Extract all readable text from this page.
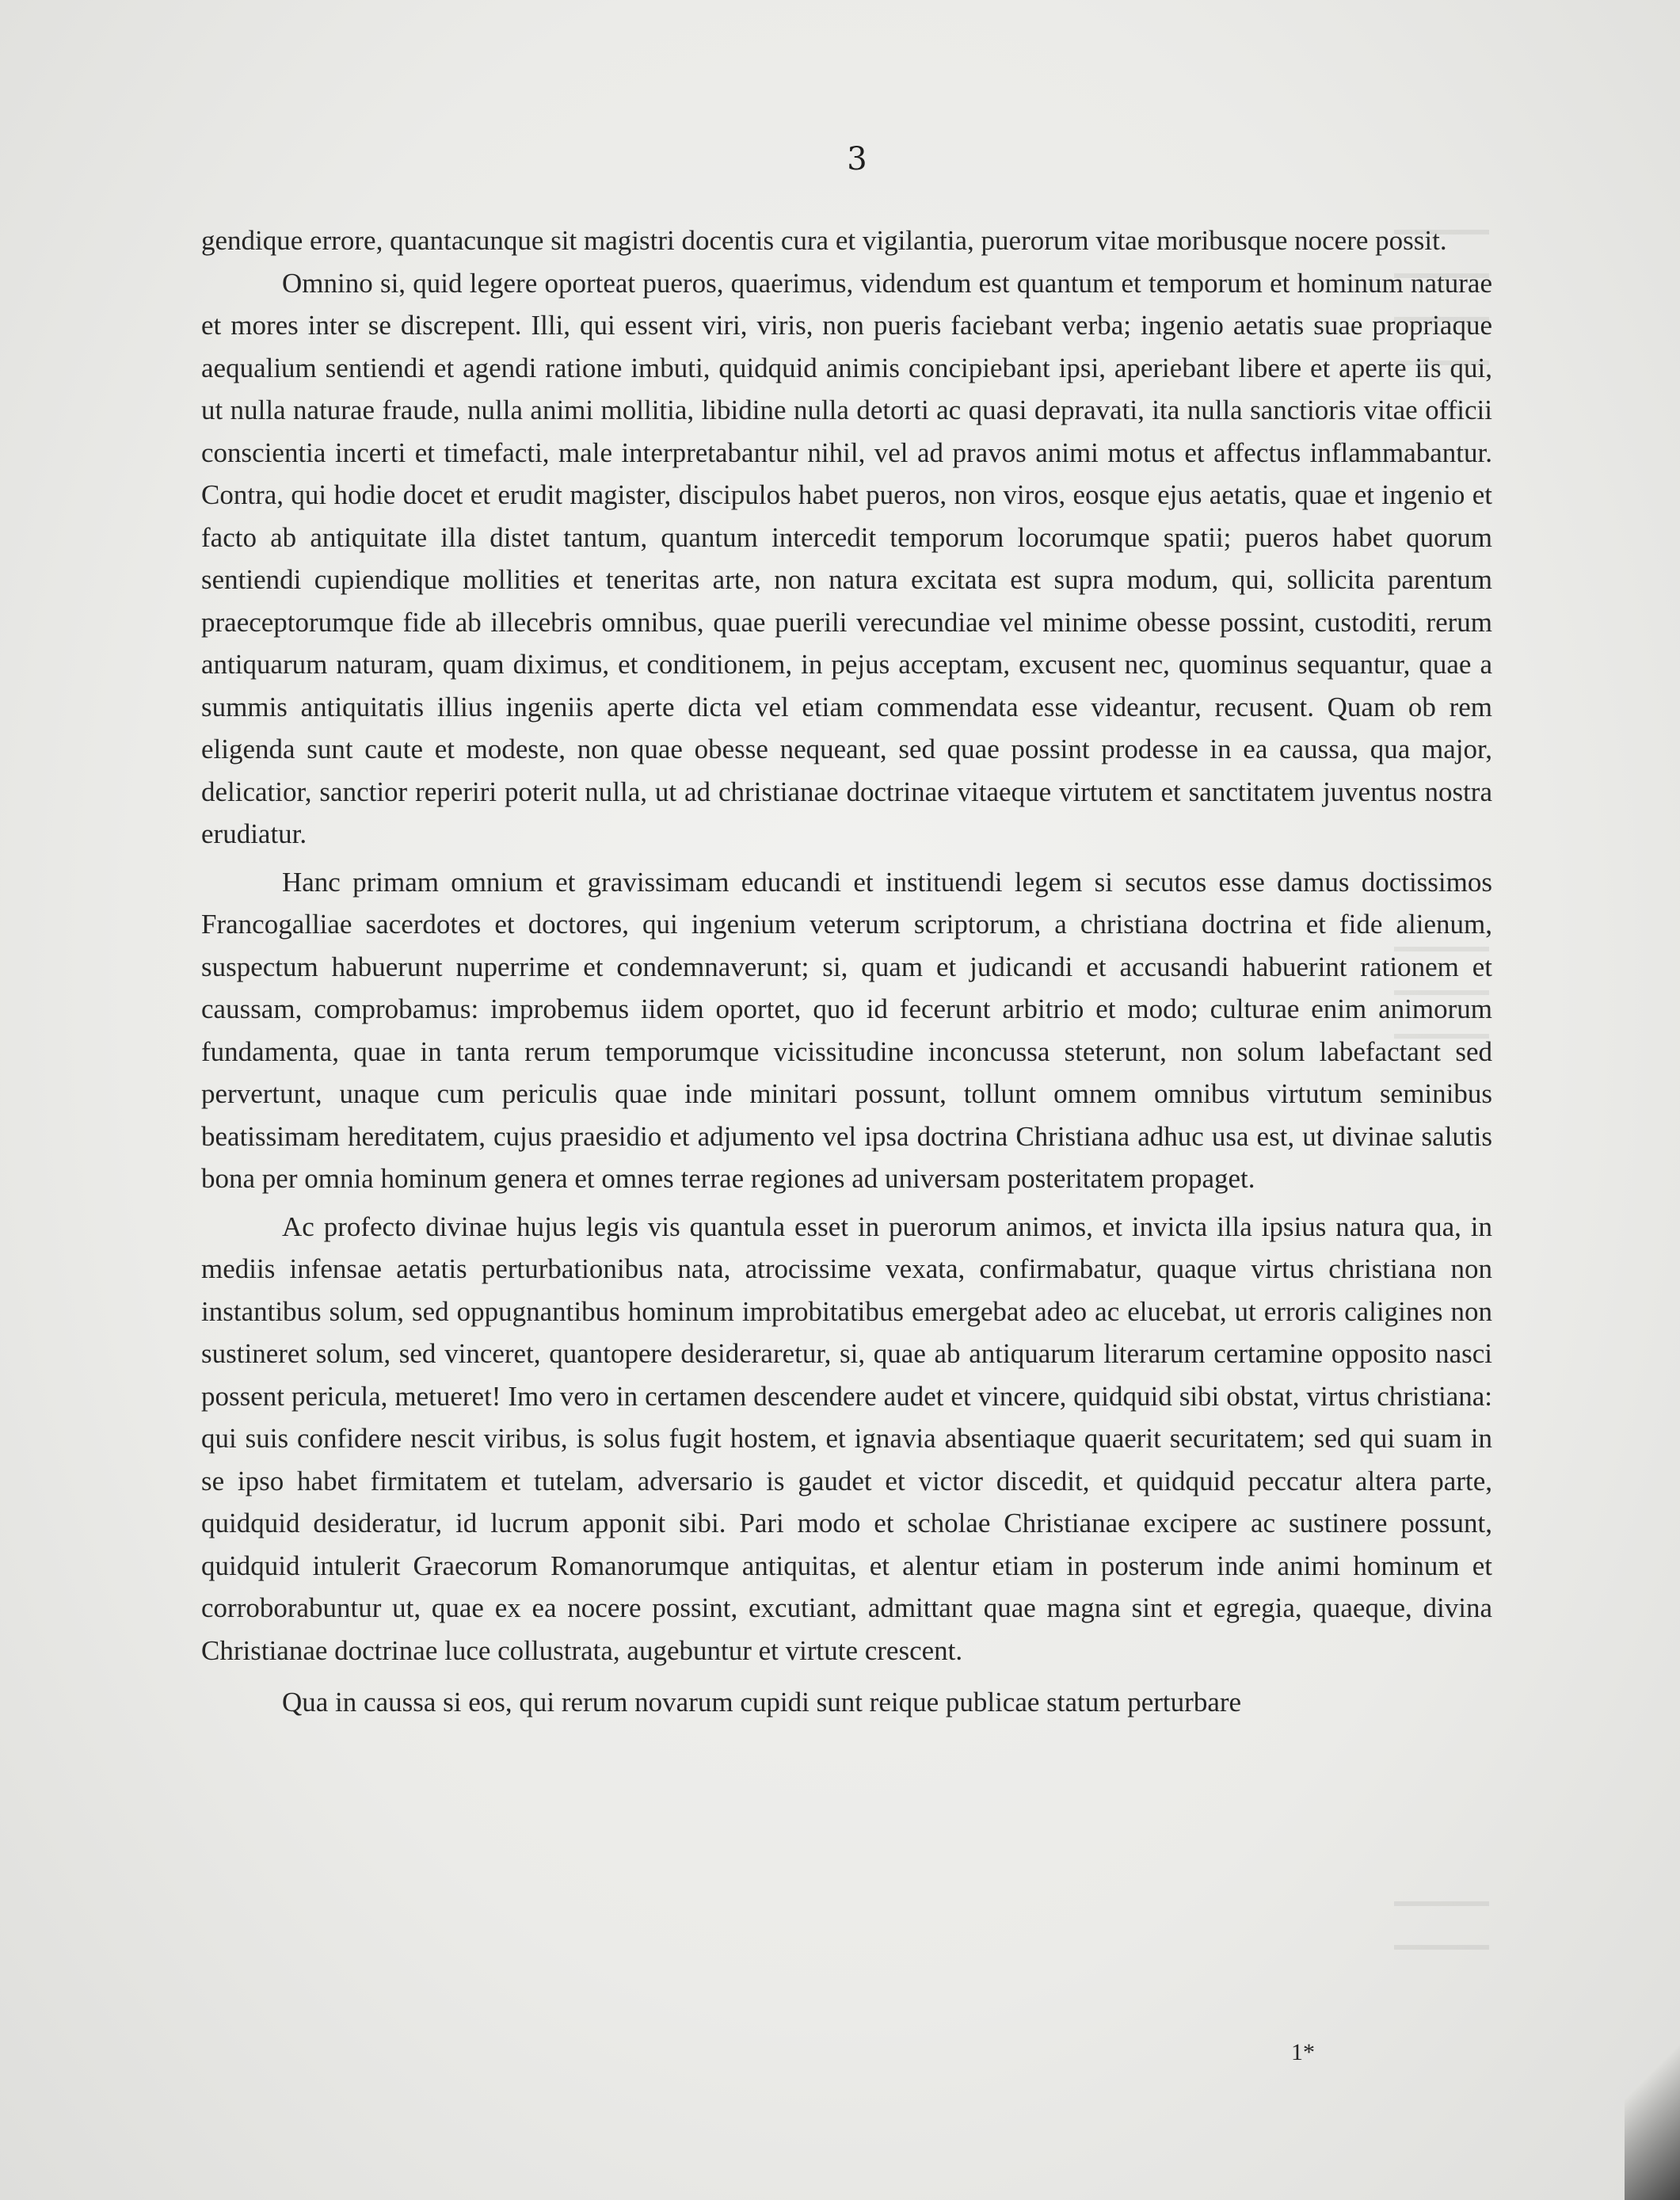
3

gendique errore, quantacunque sit magistri docentis cura et vigilantia, puerorum vitae moribusque nocere possit.

Omnino si, quid legere oporteat pueros, quaerimus, videndum est quantum et temporum et hominum naturae et mores inter se discrepent. Illi, qui essent viri, viris, non pueris faciebant verba; ingenio aetatis suae propriaque aequalium sentiendi et agendi ratione imbuti, quidquid animis concipiebant ipsi, aperiebant libere et aperte iis qui, ut nulla naturae fraude, nulla animi mollitia, libidine nulla detorti ac quasi depravati, ita nulla sanctioris vitae officii conscientia incerti et timefacti, male interpretabantur nihil, vel ad pravos animi motus et affectus inflammabantur. Contra, qui hodie docet et erudit magister, discipulos habet pueros, non viros, eosque ejus aetatis, quae et ingenio et facto ab antiquitate illa distet tantum, quantum intercedit temporum locorumque spatii; pueros habet quorum sentiendi cupiendique mollities et teneritas arte, non natura excitata est supra modum, qui, sollicita parentum praeceptorumque fide ab illecebris omnibus, quae puerili verecundiae vel minime obesse possint, custoditi, rerum antiquarum naturam, quam diximus, et conditionem, in pejus acceptam, excusent nec, quominus sequantur, quae a summis antiquitatis illius ingeniis aperte dicta vel etiam commendata esse videantur, recusent. Quam ob rem eligenda sunt caute et modeste, non quae obesse nequeant, sed quae possint prodesse in ea caussa, qua major, delicatior, sanctior reperiri poterit nulla, ut ad christianae doctrinae vitaeque virtutem et sanctitatem juventus nostra erudiatur.

Hanc primam omnium et gravissimam educandi et instituendi legem si secutos esse damus doctissimos Francogalliae sacerdotes et doctores, qui ingenium veterum scriptorum, a christiana doctrina et fide alienum, suspectum habuerunt nuperrime et condemnaverunt; si, quam et judicandi et accusandi habuerint rationem et caussam, comprobamus: improbemus iidem oportet, quo id fecerunt arbitrio et modo; culturae enim animorum fundamenta, quae in tanta rerum temporumque vicissitudine inconcussa steterunt, non solum labefactant sed pervertunt, unaque cum periculis quae inde minitari possunt, tollunt omnem omnibus virtutum seminibus beatissimam hereditatem, cujus praesidio et adjumento vel ipsa doctrina Christiana adhuc usa est, ut divinae salutis bona per omnia hominum genera et omnes terrae regiones ad universam posteritatem propaget.

Ac profecto divinae hujus legis vis quantula esset in puerorum animos, et invicta illa ipsius natura qua, in mediis infensae aetatis perturbationibus nata, atrocissime vexata, confirmabatur, quaque virtus christiana non instantibus solum, sed oppugnantibus hominum improbitatibus emergebat adeo ac elucebat, ut erroris caligines non sustineret solum, sed vinceret, quantopere desideraretur, si, quae ab antiquarum literarum certamine opposito nasci possent pericula, metueret! Imo vero in certamen descendere audet et vincere, quidquid sibi obstat, virtus christiana: qui suis confidere nescit viribus, is solus fugit hostem, et ignavia absentiaque quaerit securitatem; sed qui suam in se ipso habet firmitatem et tutelam, adversario is gaudet et victor discedit, et quidquid peccatur altera parte, quidquid desideratur, id lucrum apponit sibi. Pari modo et scholae Christianae excipere ac sustinere possunt, quidquid intulerit Graecorum Romanorumque antiquitas, et alentur etiam in posterum inde animi hominum et corroborabuntur ut, quae ex ea nocere possint, excutiant, admittant quae magna sint et egregia, quaeque, divina Christianae doctrinae luce collustrata, augebuntur et virtute crescent.

Qua in caussa si eos, qui rerum novarum cupidi sunt reique publicae statum perturbare

1*
